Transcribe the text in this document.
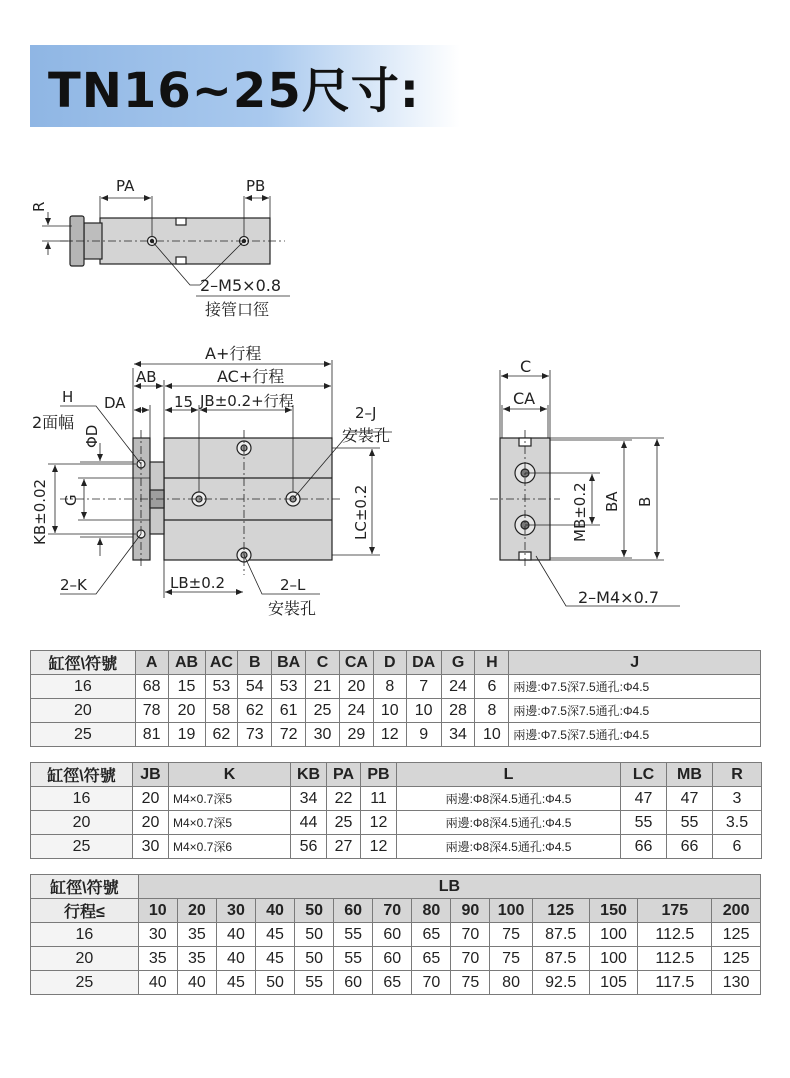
TN16~25尺寸:
PA	PB
R
2–M5×0.8
接管口徑
A+行程
AB	AC+行程
H DA	15 JB±0.2+行程
2面幅
ΦD
2–J
安裝孔
KB±0.02 G	LC±0.2
2–K	LB±0.2	2–L
安裝孔
C
CA
MB±0.2 BA B
2–M4×0.7
缸徑\符號	A	AB	AC	B	BA	C	CA	D	DA	G	H	J
16	68	15	53	54	53	21	20	8	7	24	6	兩邊:Φ7.5深7.5通孔:Φ4.5
20	78	20	58	62	61	25	24	10	10	28	8	兩邊:Φ7.5深7.5通孔:Φ4.5
25	81	19	62	73	72	30	29	12	9	34	10	兩邊:Φ7.5深7.5通孔:Φ4.5
缸徑\符號	JB	K	KB	PA	PB	L	LC	MB	R
16	20	M4×0.7深5	34	22	11	兩邊:Φ8深4.5通孔:Φ4.5	47	47	3
20	20	M4×0.7深5	44	25	12	兩邊:Φ8深4.5通孔:Φ4.5	55	55	3.5
25	30	M4×0.7深6	56	27	12	兩邊:Φ8深4.5通孔:Φ4.5	66	66	6
缸徑\符號	LB													
行程≤	10	20	30	40	50	60	70	80	90	100	125	150	175	200
16	30	35	40	45	50	55	60	65	70	75	87.5	100	112.5	125
20	35	35	40	45	50	55	60	65	70	75	87.5	100	112.5	125
25	40	40	45	50	55	60	65	70	75	80	92.5	105	117.5	130
